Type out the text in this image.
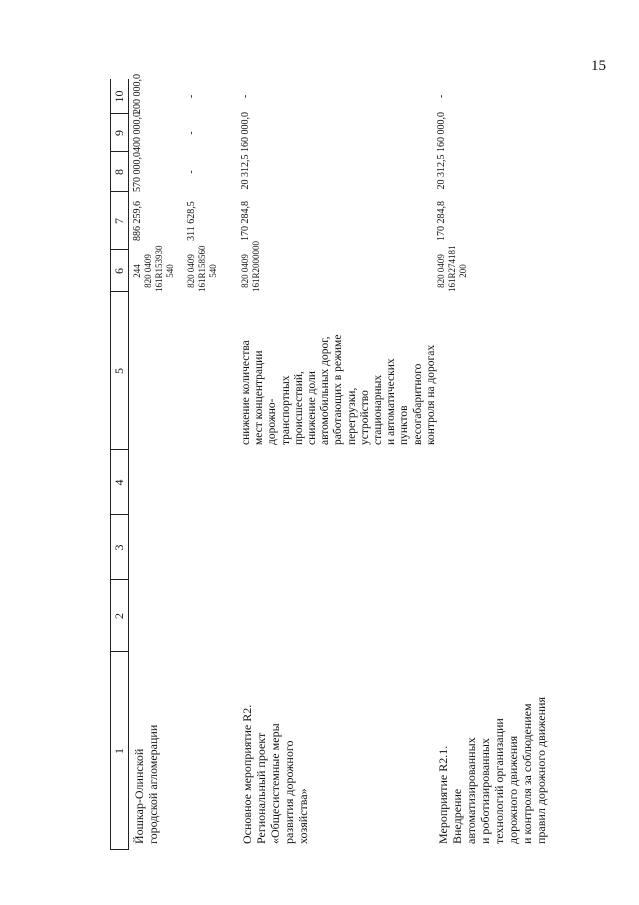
15
1
2
3
4
5
6
7
8
9
10
Йошкар-Олинской городской агломерации
244 820 0409 161R153930 540
886 259,6
570 000,0
400 000,0
200 000,0
820 0409 161R158560 540
311 628,5
-
-
-
Основное мероприятие R2. Региональный проект «Общесистемные меры развития дорожного хозяйства»
снижение количества мест концентрации дорожно- транспортных происшествий, снижение доли автомобильных дорог, работающих в режиме перегрузки, устройство стационарных и автоматических пунктов весогабаритного контроля на дорогах
820 0409 161R2000000
170 284,8
20 312,5
160 000,0
-
Мероприятие R2.1. Внедрение автоматизированных и роботизированных технологий организации дорожного движения и контроля за соблюдением правил дорожного движения
820 0409 161R274181 200
170 284,8
20 312,5
160 000,0
-
